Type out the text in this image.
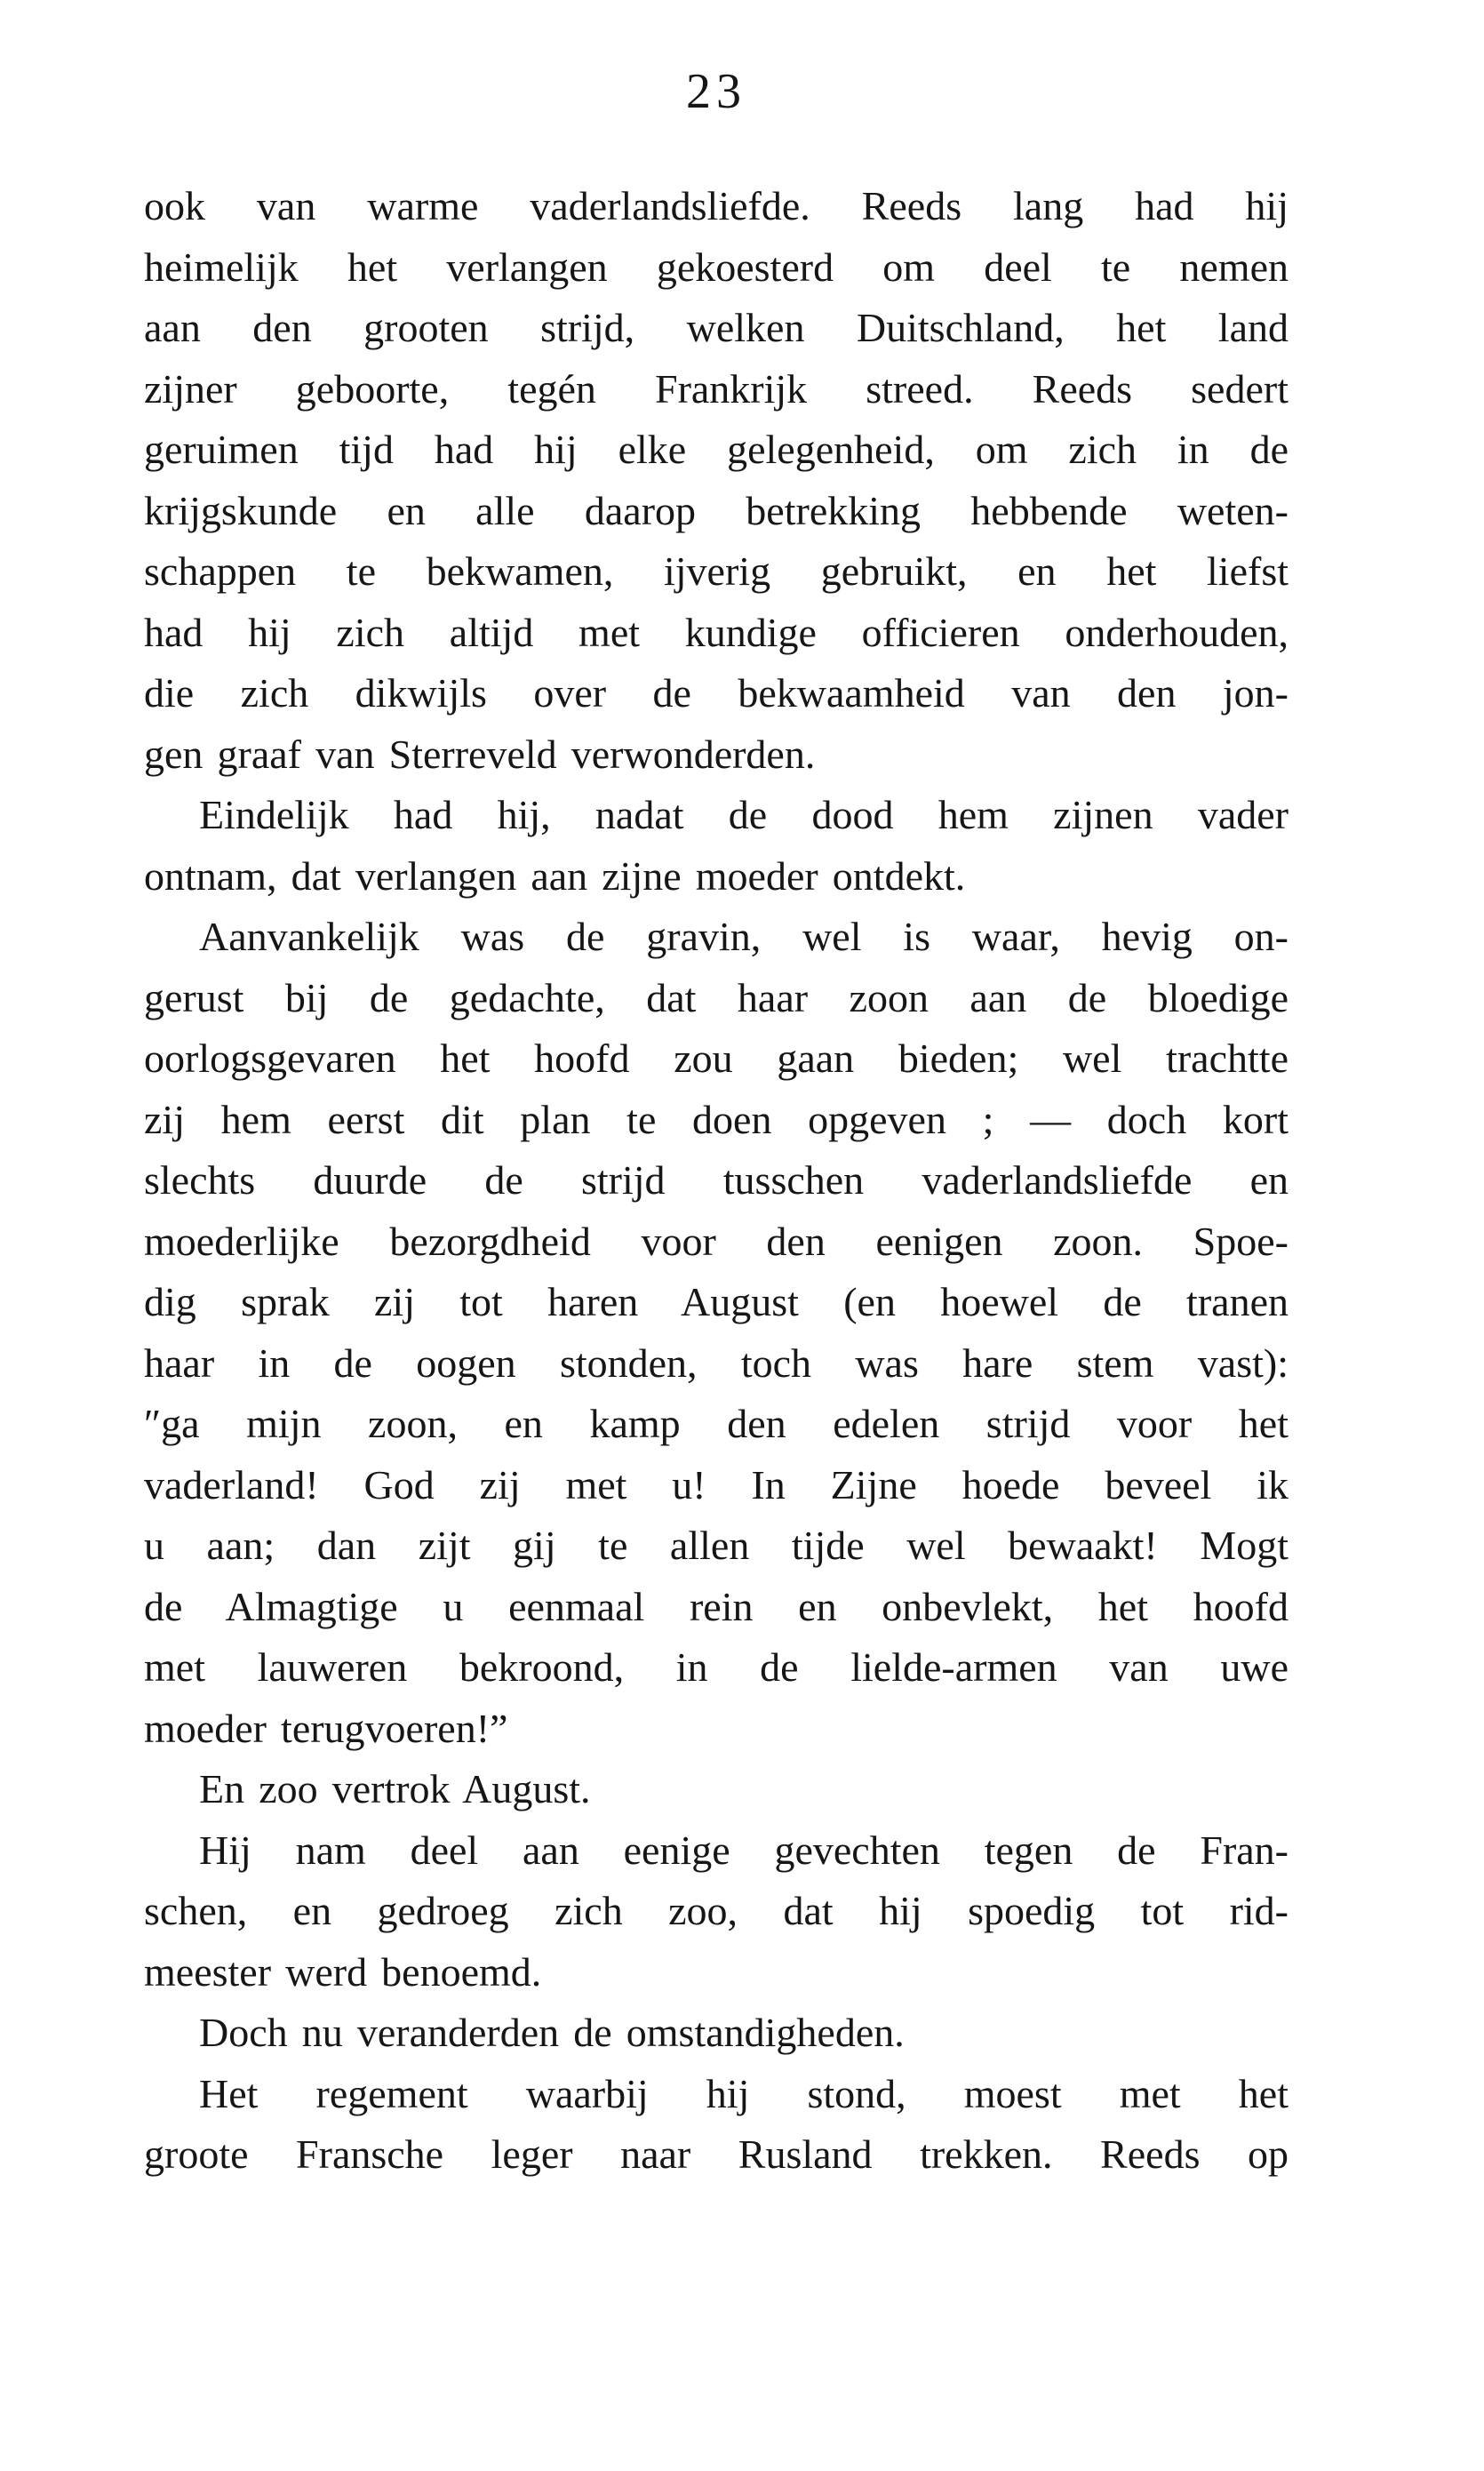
23
ook van warme vaderlandsliefde. Reeds lang had hij
heimelijk het verlangen gekoesterd om deel te nemen
aan den grooten strijd, welken Duitschland, het land
zijner geboorte, tegén Frankrijk streed. Reeds sedert
geruimen tijd had hij elke gelegenheid, om zich in de
krijgskunde en alle daarop betrekking hebbende weten-
schappen te bekwamen, ijverig gebruikt, en het liefst
had hij zich altijd met kundige officieren onderhouden,
die zich dikwijls over de bekwaamheid van den jon-
gen graaf van Sterreveld verwonderden.
Eindelijk had hij, nadat de dood hem zijnen vader
ontnam, dat verlangen aan zijne moeder ontdekt.
Aanvankelijk was de gravin, wel is waar, hevig on-
gerust bij de gedachte, dat haar zoon aan de bloedige
oorlogsgevaren het hoofd zou gaan bieden; wel trachtte
zij hem eerst dit plan te doen opgeven ; — doch kort
slechts duurde de strijd tusschen vaderlandsliefde en
moederlijke bezorgdheid voor den eenigen zoon. Spoe-
dig sprak zij tot haren August (en hoewel de tranen
haar in de oogen stonden, toch was hare stem vast):
″ga mijn zoon, en kamp den edelen strijd voor het
vaderland! God zij met u! In Zijne hoede beveel ik
u aan; dan zijt gij te allen tijde wel bewaakt! Mogt
de Almagtige u eenmaal rein en onbevlekt, het hoofd
met lauweren bekroond, in de lielde-armen van uwe
moeder terugvoeren!”
En zoo vertrok August.
Hij nam deel aan eenige gevechten tegen de Fran-
schen, en gedroeg zich zoo, dat hij spoedig tot rid-
meester werd benoemd.
Doch nu veranderden de omstandigheden.
Het regement waarbij hij stond, moest met het
groote Fransche leger naar Rusland trekken. Reeds op
